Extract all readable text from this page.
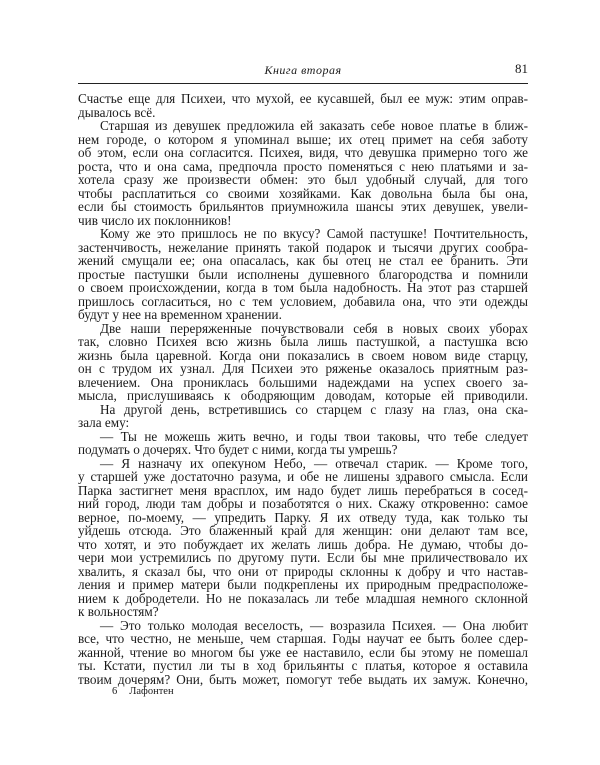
Книга вторая	81
Счастье еще для Психеи, что мухой, ее кусавшей, был ее муж: этим оправ-
дывалось всё.
Старшая из девушек предложила ей заказать себе новое платье в ближ-
нем городе, о котором я упоминал выше; их отец примет на себя заботу
об этом, если она согласится. Психея, видя, что девушка примерно того же
роста, что и она сама, предпочла просто поменяться с нею платьями и за-
хотела сразу же произвести обмен: это был удобный случай, для того
чтобы расплатиться со своими хозяйками. Как довольна была бы она,
если бы стоимость брильянтов приумножила шансы этих девушек, увели-
чив число их поклонников!
Кому же это пришлось не по вкусу? Самой пастушке! Почтительность,
застенчивость, нежелание принять такой подарок и тысячи других сообра-
жений смущали ее; она опасалась, как бы отец не стал ее бранить. Эти
простые пастушки были исполнены душевного благородства и помнили
о своем происхождении, когда в том была надобность. На этот раз старшей
пришлось согласиться, но с тем условием, добавила она, что эти одежды
будут у нее на временном хранении.
Две наши переряженные почувствовали себя в новых своих уборах
так, словно Психея всю жизнь была лишь пастушкой, а пастушка всю
жизнь была царевной. Когда они показались в своем новом виде старцу,
он с трудом их узнал. Для Психеи это ряженье оказалось приятным раз-
влечением. Она прониклась большими надеждами на успех своего за-
мысла, прислушиваясь к ободряющим доводам, которые ей приводили.
На другой день, встретившись со старцем с глазу на глаз, она ска-
зала ему:
— Ты не можешь жить вечно, и годы твои таковы, что тебе следует
подумать о дочерях. Что будет с ними, когда ты умрешь?
— Я назначу их опекуном Небо, — отвечал старик. — Кроме того,
у старшей уже достаточно разума, и обе не лишены здравого смысла. Если
Парка застигнет меня врасплох, им надо будет лишь перебраться в сосед-
ний город, люди там добры и позаботятся о них. Скажу откровенно: самое
верное, по-моему, — упредить Парку. Я их отведу туда, как только ты
уйдешь отсюда. Это блаженный край для женщин: они делают там все,
что хотят, и это побуждает их желать лишь добра. Не думаю, чтобы до-
чери мои устремились по другому пути. Если бы мне приличествовало их
хвалить, я сказал бы, что они от природы склонны к добру и что настав-
ления и пример матери были подкреплены их природным предрасположе-
нием к добродетели. Но не показалась ли тебе младшая немного склонной
к вольностям?
— Это только молодая веселость, — возразила Психея. — Она любит
все, что честно, не меньше, чем старшая. Годы научат ее быть более сдер-
жанной, чтение во многом бы уже ее наставило, если бы этому не помешал
ты. Кстати, пустил ли ты в ход брильянты с платья, которое я оставила
твоим дочерям? Они, быть может, помогут тебе выдать их замуж. Конечно,
6 Лафонтен
